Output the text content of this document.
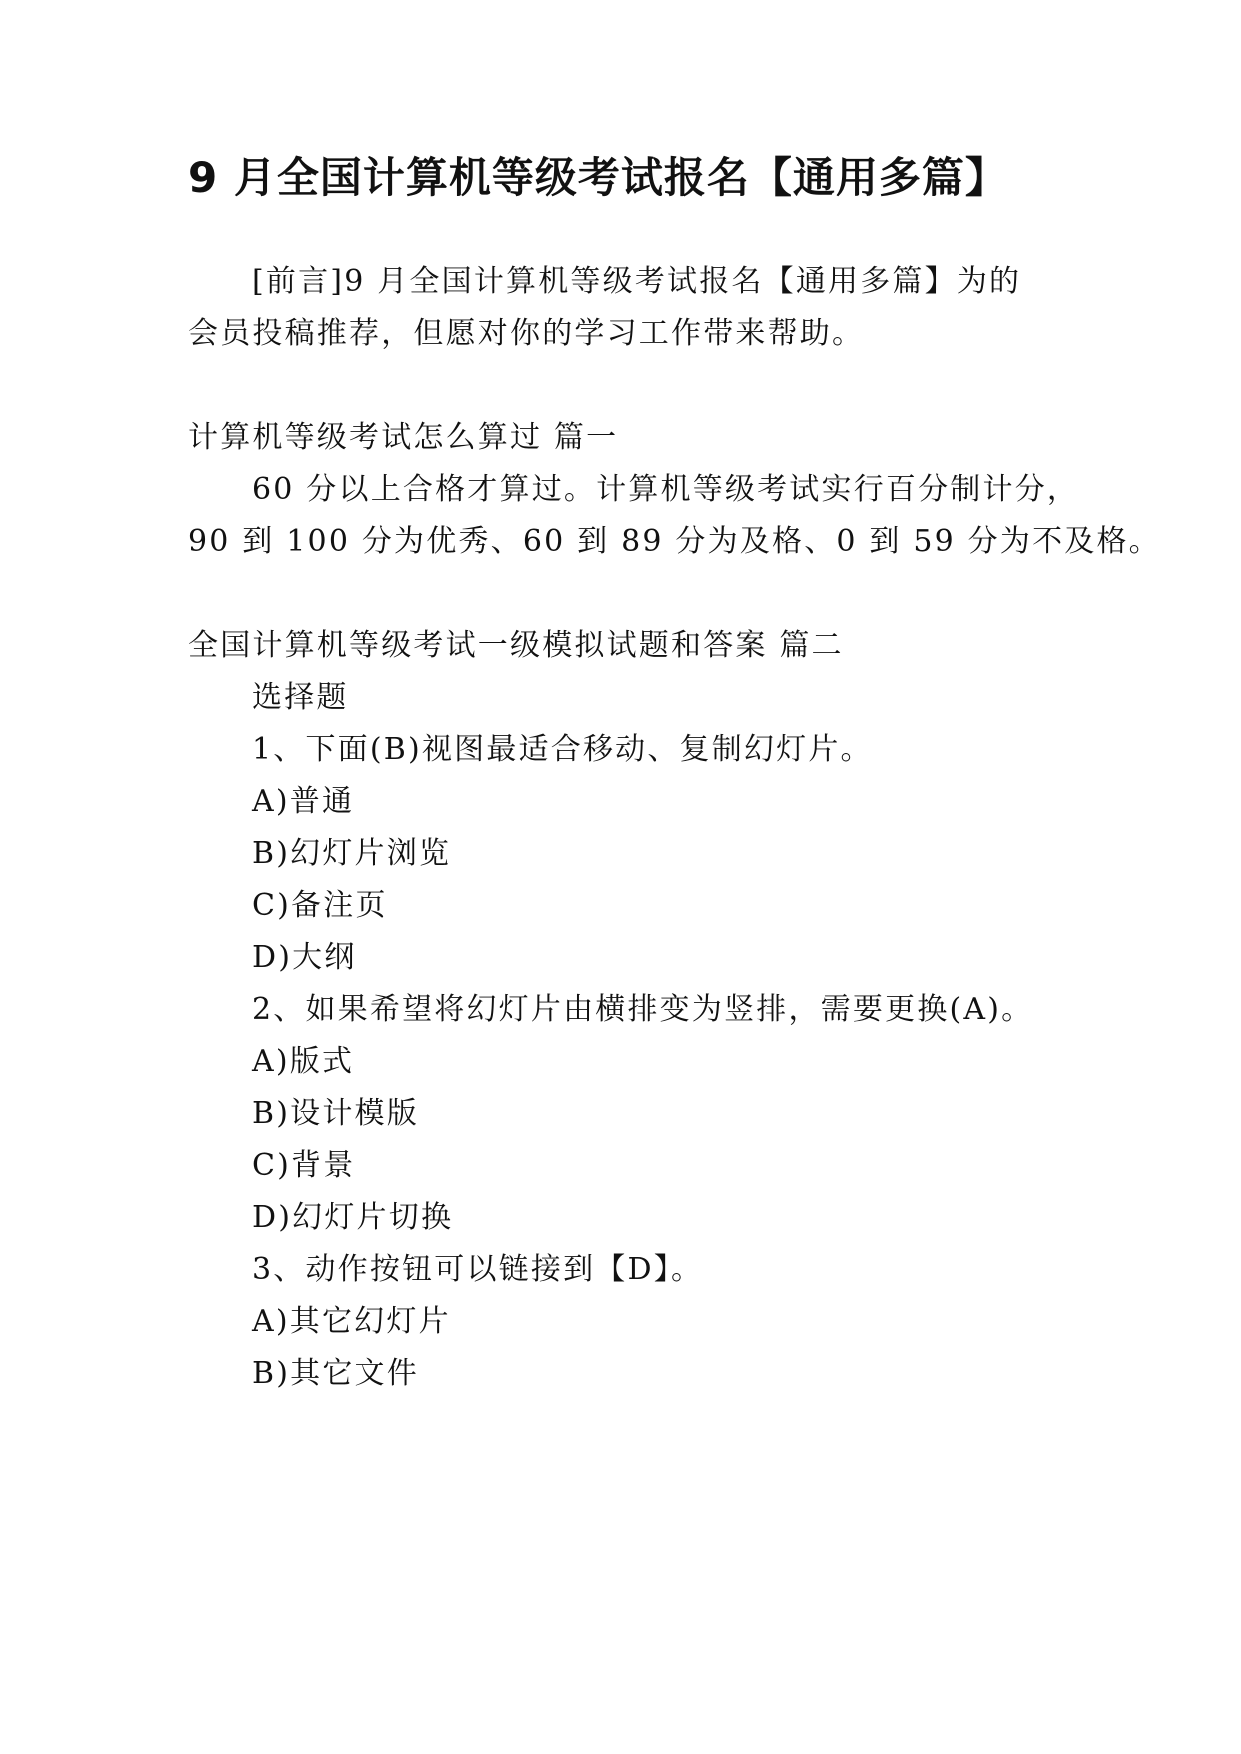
9 月全国计算机等级考试报名【通用多篇】
[前言]9 月全国计算机等级考试报名【通用多篇】为的
会员投稿推荐，但愿对你的学习工作带来帮助。
计算机等级考试怎么算过 篇一
60 分以上合格才算过。计算机等级考试实行百分制计分，
90 到 100 分为优秀、60 到 89 分为及格、0 到 59 分为不及格。
全国计算机等级考试一级模拟试题和答案 篇二
选择题
1、下面(B)视图最适合移动、复制幻灯片。
A)普通
B)幻灯片浏览
C)备注页
D)大纲
2、如果希望将幻灯片由横排变为竖排，需要更换(A)。
A)版式
B)设计模版
C)背景
D)幻灯片切换
3、动作按钮可以链接到【D】。
A)其它幻灯片
B)其它文件
